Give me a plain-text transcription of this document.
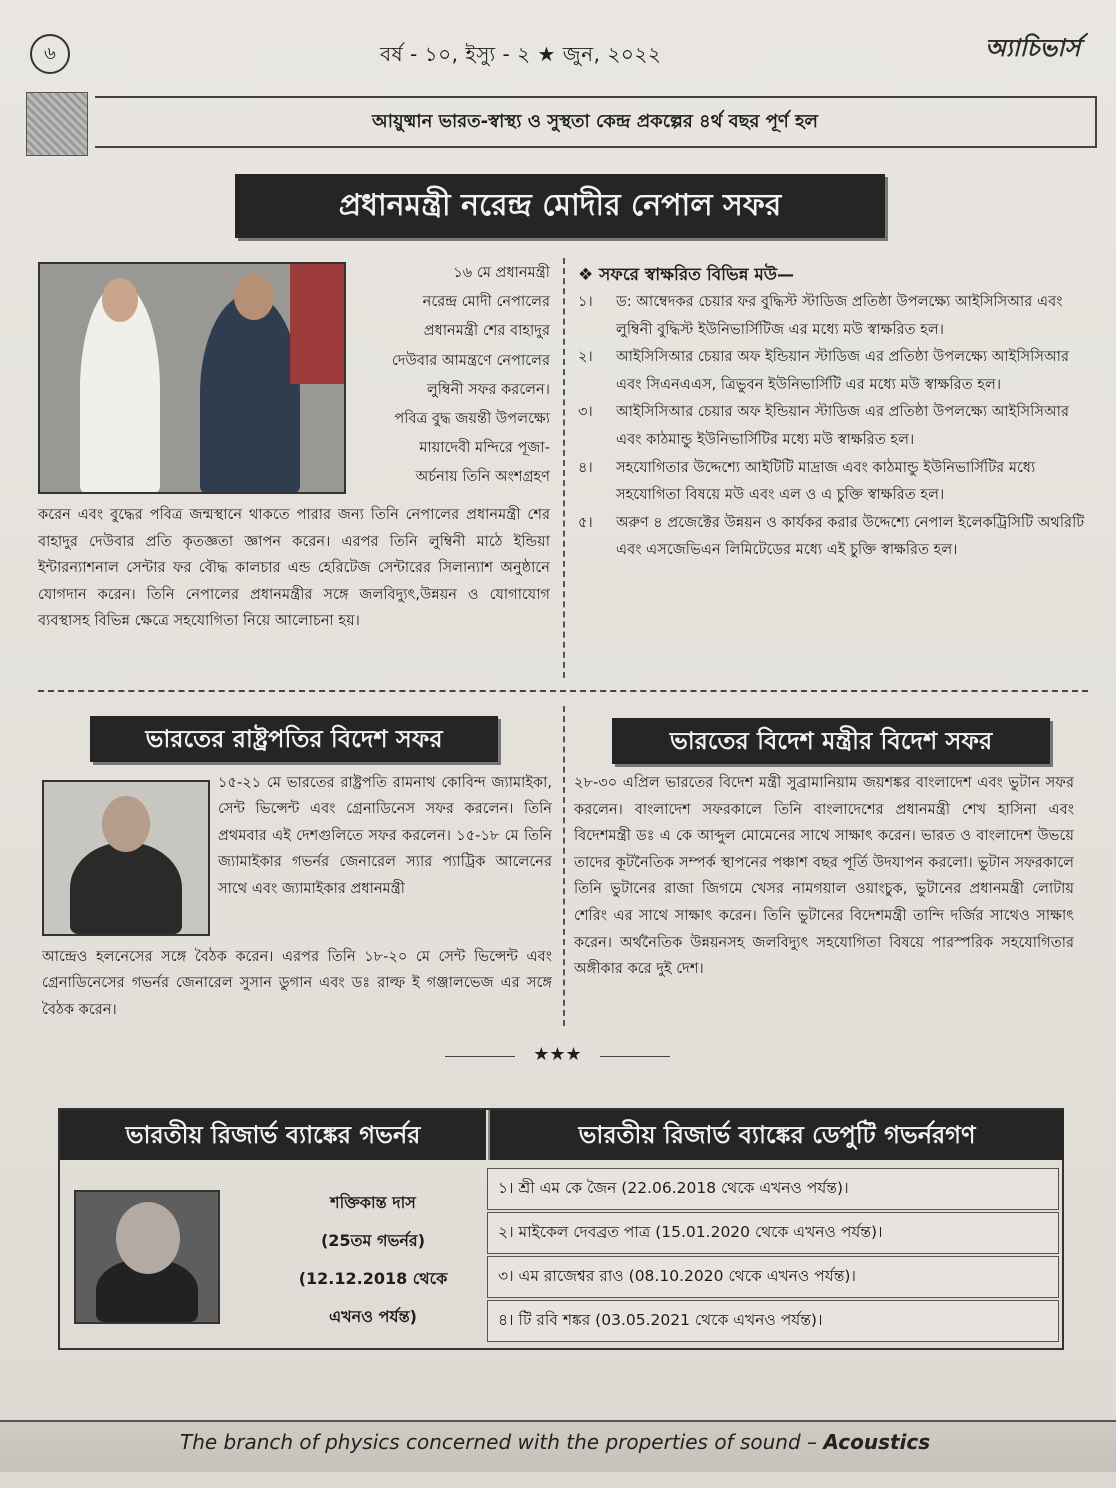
৬	বর্ষ - ১০, ইস্যু - ২ ★ জুন, ২০২২	অ্যাচিভার্স
আয়ুষ্মান ভারত-স্বাস্থ্য ও সুস্থতা কেন্দ্র প্রকল্পের ৪র্থ বছর পূর্ণ হল
প্রধানমন্ত্রী নরেন্দ্র মোদীর নেপাল সফর
১৬ মে প্রধানমন্ত্রী
নরেন্দ্র মোদী নেপালের
প্রধানমন্ত্রী শের বাহাদুর
দেউবার আমন্ত্রণে নেপালের
লুম্বিনী সফর করলেন।
পবিত্র বুদ্ধ জয়ন্তী উপলক্ষ্যে
মায়াদেবী মন্দিরে পূজা-
অর্চনায় তিনি অংশগ্রহণ
করেন এবং বুদ্ধের পবিত্র জন্মস্থানে থাকতে পারার জন্য তিনি নেপালের প্রধানমন্ত্রী শের বাহাদুর দেউবার প্রতি কৃতজ্ঞতা জ্ঞাপন করেন। এরপর তিনি লুম্বিনী মাঠে ইন্ডিয়া ইন্টারন্যাশনাল সেন্টার ফর বৌদ্ধ কালচার এন্ড হেরিটেজ সেন্টারের সিলান্যাশ অনুষ্ঠানে যোগদান করেন। তিনি নেপালের প্রধানমন্ত্রীর সঙ্গে জলবিদ্যুৎ,উন্নয়ন ও যোগাযোগ ব্যবস্থাসহ বিভিন্ন ক্ষেত্রে সহযোগিতা নিয়ে আলোচনা হয়।
❖ সফরে স্বাক্ষরিত বিভিন্ন মউ—
১।	ড: আম্বেদকর চেয়ার ফর বুদ্ধিস্ট স্টাডিজ প্রতিষ্ঠা উপলক্ষ্যে আইসিসিআর এবং লুম্বিনী বুদ্ধিস্ট ইউনিভার্সিটিজ এর মধ্যে মউ স্বাক্ষরিত হল।
২।	আইসিসিআর চেয়ার অফ ইন্ডিয়ান স্টাডিজ এর প্রতিষ্ঠা উপলক্ষ্যে আইসিসিআর এবং সিএনএএস, ত্রিভুবন ইউনিভার্সিটি এর মধ্যে মউ স্বাক্ষরিত হল।
৩।	আইসিসিআর চেয়ার অফ ইন্ডিয়ান স্টাডিজ এর প্রতিষ্ঠা উপলক্ষ্যে আইসিসিআর এবং কাঠমান্ডু ইউনিভার্সিটির মধ্যে মউ স্বাক্ষরিত হল।
৪।	সহযোগিতার উদ্দেশ্যে আইটিটি মাদ্রাজ এবং কাঠমান্ডু ইউনিভার্সিটির মধ্যে সহযোগিতা বিষয়ে মউ এবং এল ও এ চুক্তি স্বাক্ষরিত হল।
৫।	অরুণ ৪ প্রজেক্টের উন্নয়ন ও কার্যকর করার উদ্দেশ্যে নেপাল ইলেকট্রিসিটি অথরিটি এবং এসজেভিএন লিমিটেডের মধ্যে এই চুক্তি স্বাক্ষরিত হল।
ভারতের রাষ্ট্রপতির বিদেশ সফর
১৫-২১ মে ভারতের রাষ্ট্রপতি রামনাথ কোবিন্দ জ্যামাইকা, সেন্ট ভিন্সেন্ট এবং গ্রেনাডিনেস সফর করলেন। তিনি প্রথমবার এই দেশগুলিতে সফর করলেন। ১৫-১৮ মে তিনি জ্যামাইকার গভর্নর জেনারেল স্যার প্যাট্রিক আলেনের সাথে এবং জ্যামাইকার প্রধানমন্ত্রী
আন্দ্রেও হলনেসের সঙ্গে বৈঠক করেন। এরপর তিনি ১৮-২০ মে সেন্ট ভিন্সেন্ট এবং গ্রেনাডিনেসের গভর্নর জেনারেল সুসান ডুগান এবং ডঃ রাল্ফ ই গঞ্জালভেজ এর সঙ্গে বৈঠক করেন।
ভারতের বিদেশ মন্ত্রীর বিদেশ সফর
২৮-৩০ এপ্রিল ভারতের বিদেশ মন্ত্রী সুব্রামানিয়াম জয়শঙ্কর বাংলাদেশ এবং ভুটান সফর করলেন। বাংলাদেশ সফরকালে তিনি বাংলাদেশের প্রধানমন্ত্রী শেখ হাসিনা এবং বিদেশমন্ত্রী ডঃ এ কে আব্দুল মোমেনের সাথে সাক্ষাৎ করেন। ভারত ও বাংলাদেশ উভয়ে তাদের কূটনৈতিক সম্পর্ক স্থাপনের পঞ্চাশ বছর পূর্তি উদযাপন করলো। ভুটান সফরকালে তিনি ভুটানের রাজা জিগমে খেসর নামগয়াল ওয়াংচুক, ভুটানের প্রধানমন্ত্রী লোটায় শেরিং এর সাথে সাক্ষাৎ করেন। তিনি ভুটানের বিদেশমন্ত্রী তান্দি দর্জির সাথেও সাক্ষাৎ করেন। অর্থনৈতিক উন্নয়নসহ জলবিদ্যুৎ সহযোগিতা বিষয়ে পারস্পরিক সহযোগিতার অঙ্গীকার করে দুই দেশ।
★★★
ভারতীয় রিজার্ভ ব্যাঙ্কের গভর্নর	ভারতীয় রিজার্ভ ব্যাঙ্কের ডেপুটি গভর্নরগণ
শক্তিকান্ত দাস
(25তম গভর্নর)
(12.12.2018 থেকে
এখনও পর্যন্ত)
১। শ্রী এম কে জৈন (22.06.2018 থেকে এখনও পর্যন্ত)।
২। মাইকেল দেবব্রত পাত্র (15.01.2020 থেকে এখনও পর্যন্ত)।
৩। এম রাজেশ্বর রাও (08.10.2020 থেকে এখনও পর্যন্ত)।
৪। টি রবি শঙ্কর (03.05.2021 থেকে এখনও পর্যন্ত)।
The branch of physics concerned with the properties of sound – Acoustics
